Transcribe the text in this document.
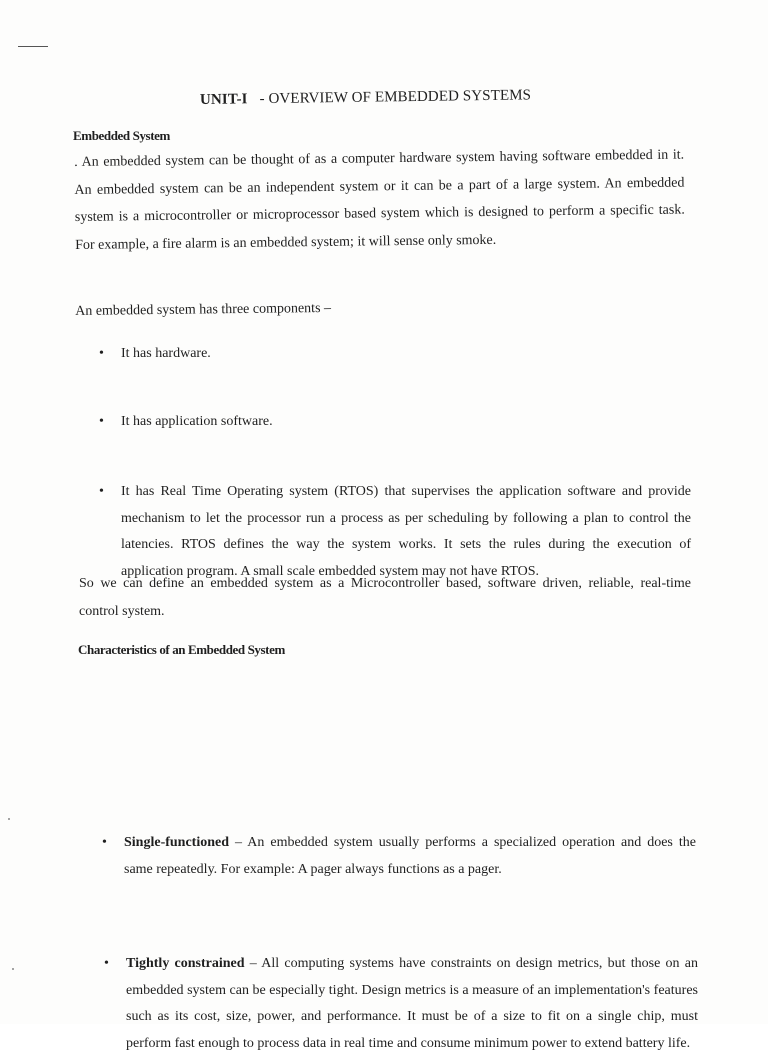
UNIT-I - OVERVIEW OF EMBEDDED SYSTEMS
Embedded System

. An embedded system can be thought of as a computer hardware system having software embedded in it. An embedded system can be an independent system or it can be a part of a large system. An embedded system is a microcontroller or microprocessor based system which is designed to perform a specific task. For example, a fire alarm is an embedded system; it will sense only smoke.

An embedded system has three components –

• It has hardware.
• It has application software.
• It has Real Time Operating system (RTOS) that supervises the application software and provide mechanism to let the processor run a process as per scheduling by following a plan to control the latencies. RTOS defines the way the system works. It sets the rules during the execution of application program. A small scale embedded system may not have RTOS.

So we can define an embedded system as a Microcontroller based, software driven, reliable, real-time control system.

Characteristics of an Embedded System
• Single-functioned – An embedded system usually performs a specialized operation and does the same repeatedly. For example: A pager always functions as a pager.
• Tightly constrained – All computing systems have constraints on design metrics, but those on an embedded system can be especially tight. Design metrics is a measure of an implementation's features such as its cost, size, power, and performance. It must be of a size to fit on a single chip, must perform fast enough to process data in real time and consume minimum power to extend battery life.
